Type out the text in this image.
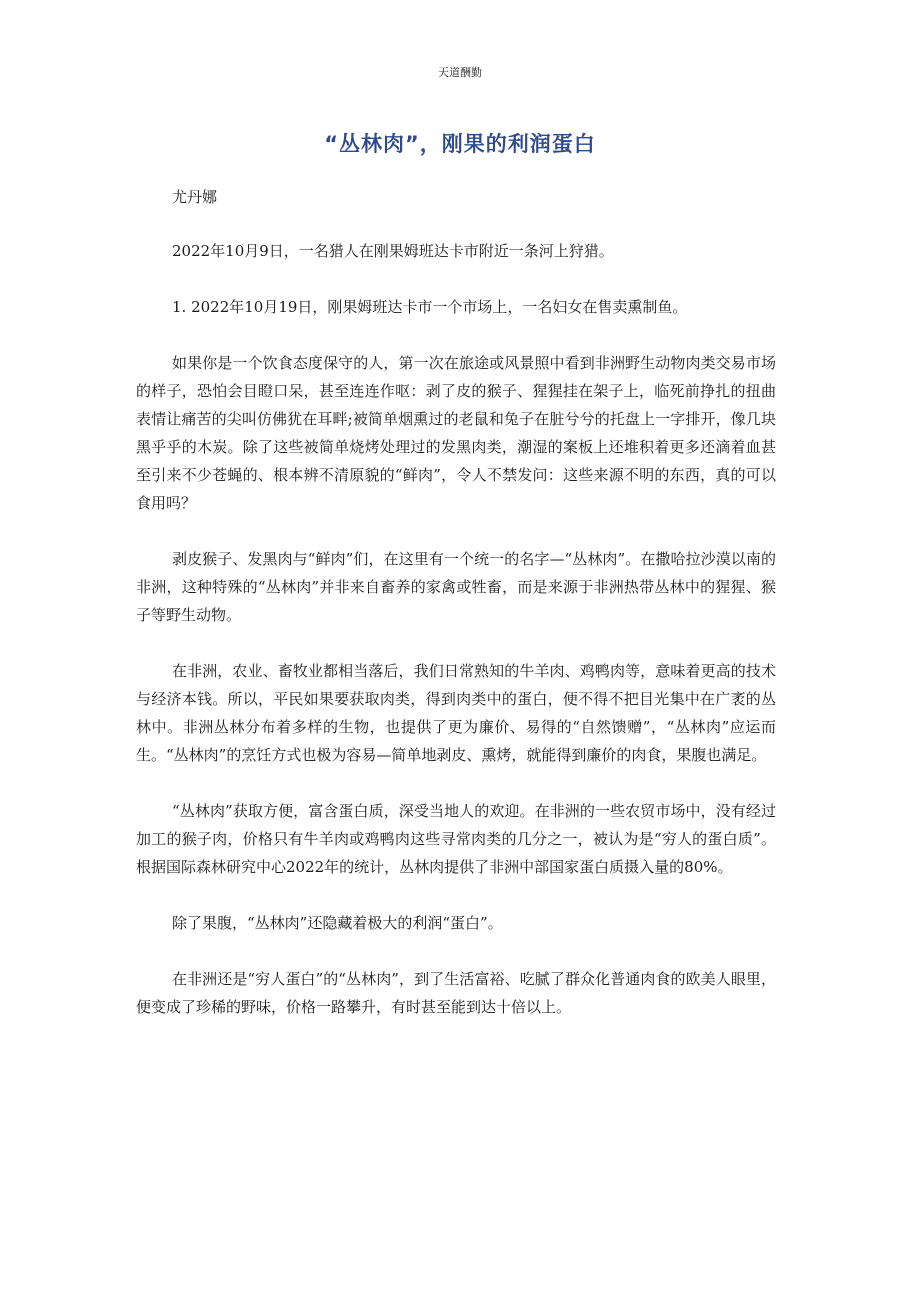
天道酬勤
“丛林肉”，刚果的利润蛋白

尤丹娜

2022年10月9日，一名猎人在刚果姆班达卡市附近一条河上狩猎。

1. 2022年10月19日，刚果姆班达卡市一个市场上，一名妇女在售卖熏制鱼。

如果你是一个饮食态度保守的人，第一次在旅途或风景照中看到非洲野生动物肉类交易市场的样子，恐怕会目瞪口呆，甚至连连作呕：剥了皮的猴子、猩猩挂在架子上，临死前挣扎的扭曲表情让痛苦的尖叫仿佛犹在耳畔;被简单烟熏过的老鼠和兔子在脏兮兮的托盘上一字排开，像几块黑乎乎的木炭。除了这些被简单烧烤处理过的发黑肉类，潮湿的案板上还堆积着更多还滴着血甚至引来不少苍蝇的、根本辨不清原貌的“鲜肉”，令人不禁发问：这些来源不明的东西，真的可以食用吗？

剥皮猴子、发黑肉与“鲜肉”们，在这里有一个统一的名字—“丛林肉”。在撒哈拉沙漠以南的非洲，这种特殊的“丛林肉”并非来自畜养的家禽或牲畜，而是来源于非洲热带丛林中的猩猩、猴子等野生动物。

在非洲，农业、畜牧业都相当落后，我们日常熟知的牛羊肉、鸡鸭肉等，意味着更高的技术与经济本钱。所以，平民如果要获取肉类，得到肉类中的蛋白，便不得不把目光集中在广袤的丛林中。非洲丛林分布着多样的生物，也提供了更为廉价、易得的“自然馈赠”，“丛林肉”应运而生。“丛林肉”的烹饪方式也极为容易—简单地剥皮、熏烤，就能得到廉价的肉食，果腹也满足。

“丛林肉”获取方便，富含蛋白质，深受当地人的欢迎。在非洲的一些农贸市场中，没有经过加工的猴子肉，价格只有牛羊肉或鸡鸭肉这些寻常肉类的几分之一，被认为是“穷人的蛋白质”。根据国际森林研究中心2022年的统计，丛林肉提供了非洲中部国家蛋白质摄入量的80%。

除了果腹，“丛林肉”还隐藏着极大的利润“蛋白”。

在非洲还是“穷人蛋白”的“丛林肉”，到了生活富裕、吃腻了群众化普通肉食的欧美人眼里，便变成了珍稀的野味，价格一路攀升，有时甚至能到达十倍以上。
